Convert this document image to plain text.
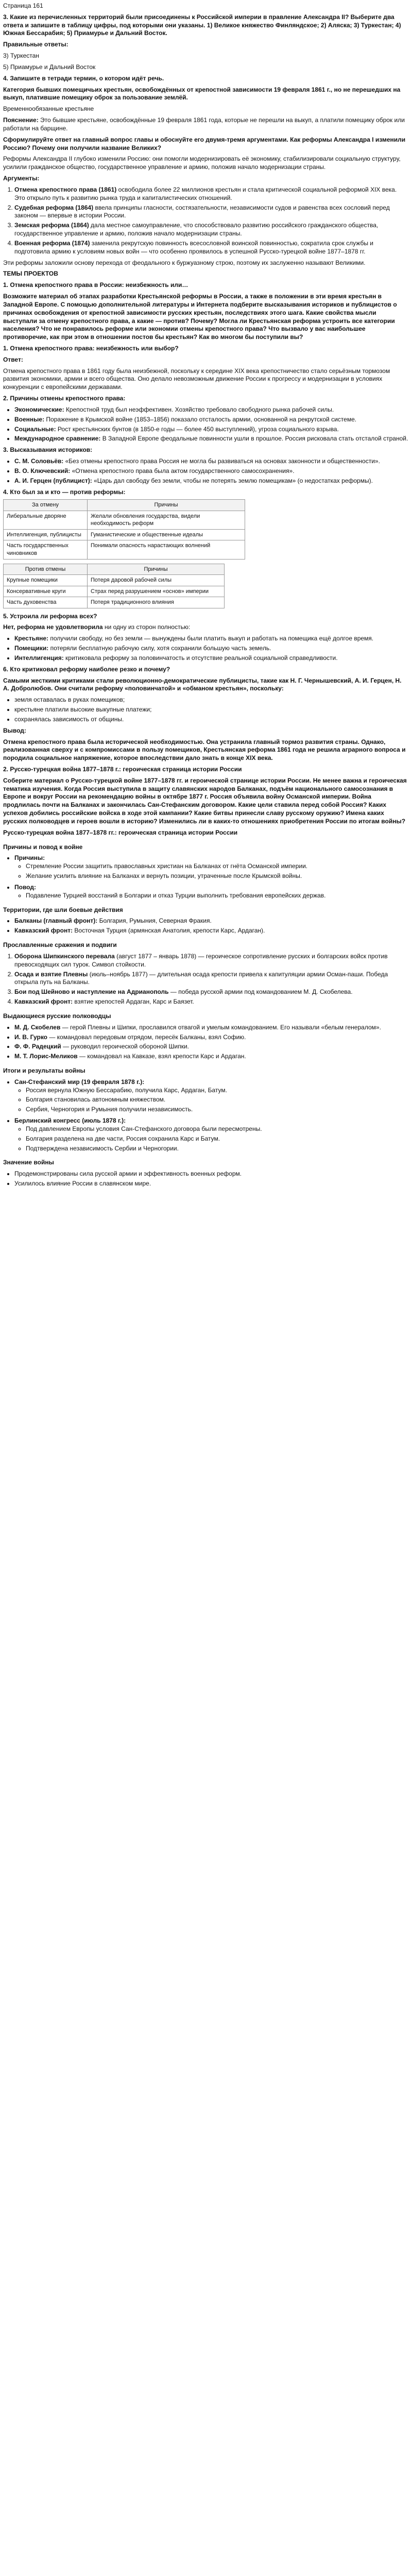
Страница 161

3. Какие из перечисленных территорий были присоединены к Российской империи в правление Александра II? Выберите два ответа и запишите в таблицу цифры, под которыми они указаны. 1) Великое княжество Финляндское; 2) Аляска; 3) Туркестан; 4) Южная Бессарабия; 5) Приамурье и Дальний Восток.

Правильные ответы:

3) Туркестан

5) Приамурье и Дальний Восток

4. Запишите в тетради термин, о котором идёт речь.

Категория бывших помещичьих крестьян, освобождённых от крепостной зависимости 19 февраля 1861 г., но не перешедших на выкуп, платившие помещику оброк за пользование землёй.

Временнообязанные крестьяне

Пояснение: Это бывшие крестьяне, освобождённые 19 февраля 1861 года, которые не перешли на выкуп, а платили помещику оброк или работали на барщине.

Сформулируйте ответ на главный вопрос главы и обоснуйте его двумя-тремя аргументами. Как реформы Александра I изменили Россию? Почему они получили название Великих?

Реформы Александра II глубоко изменили Россию: они помогли модернизировать её экономику, стабилизировали социальную структуру, усилили гражданское общество, государственное управление и армию, положив начало модернизации страны.

Аргументы:

1. Отмена крепостного права (1861) освободила более 22 миллионов крестьян и стала критической социальной реформой XIX века. Это открыло путь к развитию рынка труда и капиталистических отношений.
2. Судебная реформа (1864) ввела принципы гласности, состязательности, независимости судов и равенства всех сословий перед законом — впервые в истории России.
3. Земская реформа (1864) дала местное самоуправление, что способствовало развитию российского гражданского общества, государственное управление и армию, положив начало модернизации страны.
4. Военная реформа (1874) заменила рекрутскую повинность всесословной воинской повинностью, сократила срок службы и подготовила армию к условиям новых войн — что особенно проявилось в успешной Русско-турецкой войне 1877–1878 гг.

Эти реформы заложили основу перехода от феодального к буржуазному строю, поэтому их заслуженно называют Великими.

ТЕМЫ ПРОЕКТОВ

1. Отмена крепостного права в России: неизбежность или…

Возможите материал об этапах разработки Крестьянской реформы в России, а также в положении в эти время крестьян в Западной Европе. С помощью дополнительной литературы и Интернета подберите высказывания историков и публицистов о причинах освобождения от крепостной зависимости русских крестьян, последствиях этого шага. Какие свойства мысли выступали за отмену крепостного права, а какие — против? Почему? Могла ли Крестьянская реформа устроить все категории населения? Что не понравилось реформе или экономии отмены крепостного права? Что вызвало у вас наибольшее противоречие, как при этом в отношении постов бы крестьян? Как во многом бы поступили вы?

1. Отмена крепостного права: неизбежность или выбор?

Ответ:

Отмена крепостного права в 1861 году была неизбежной, поскольку к середине XIX века крепостничество стало серьёзным тормозом развития экономики, армии и всего общества. Оно делало невозможным движение России к прогрессу и модернизации в условиях конкуренции с европейскими державами.

2. Причины отмены крепостного права:

• Экономические: Крепостной труд был неэффективен. Хозяйство требовало свободного рынка рабочей силы.
• Военные: Поражение в Крымской войне (1853–1856) показало отсталость армии, основанной на рекрутской системе.
• Социальные: Рост крестьянских бунтов (в 1850-е годы — более 450 выступлений), угроза социального взрыва.
• Международное сравнение: В Западной Европе феодальные повинности ушли в прошлое. Россия рисковала стать отсталой страной.

3. Высказывания историков:

• С. М. Соловьёв: «Без отмены крепостного права Россия не могла бы развиваться на основах законности и общественности».
• В. О. Ключевский: «Отмена крепостного права была актом государственного самосохранения».
• А. И. Герцен (публицист): «Царь дал свободу без земли, чтобы не потерять землю помещикам» (о недостатках реформы).

4. Кто был за и кто — против реформы:

За отмену	Причины
Либеральные дворяне	Желали обновления государства, видели необходимость реформ
Интеллигенция, публицисты	Гуманистические и общественные идеалы
Часть государственных чиновников	Понимали опасность нарастающих волнений
Против отмены	Причины
Крупные помещики	Потеря даровой рабочей силы
Консервативные круги	Страх перед разрушением «основ» империи
Часть духовенства	Потеря традиционного влияния

5. Устроила ли реформа всех?

Нет, реформа не удовлетворила ни одну из сторон полностью:

• Крестьяне: получили свободу, но без земли — вынуждены были платить выкуп и работать на помещика ещё долгое время.
• Помещики: потеряли бесплатную рабочую силу, хотя сохранили большую часть земель.
• Интеллигенция: критиковала реформу за половинчатость и отсутствие реальной социальной справедливости.

6. Кто критиковал реформу наиболее резко и почему?

Самыми жесткими критиками стали революционно-демократические публицисты, такие как Н. Г. Чернышевский, А. И. Герцен, Н. А. Добролюбов. Они считали реформу «половинчатой» и «обманом крестьян», поскольку:

• земля оставалась в руках помещиков;
• крестьяне платили высокие выкупные платежи;
• сохранялась зависимость от общины.

Вывод:

Отмена крепостного права была исторической необходимостью. Она устранила главный тормоз развития страны. Однако, реализованная сверху и с компромиссами в пользу помещиков, Крестьянская реформа 1861 года не решила аграрного вопроса и породила социальное напряжение, которое впоследствии дало знать в конце XIX века.

2. Русско-турецкая война 1877–1878 г.: героическая страница истории России

Соберите материал о Русско-турецкой войне 1877–1878 гг. и героической странице истории России. Не менее важна и героическая тематика изучения. Когда Россия выступила в защиту славянских народов Балканах, подъём национального самосознания в Европе и вокруг России на рекомендацию войны в октябре 1877 г. Россия объявила войну Османской империи. Война продлилась почти на Балканах и закончилась Сан-Стефанским договором. Какие цели ставила перед собой Россия? Каких успехов добились российские войска в ходе этой кампании? Какие битвы принесли славу русскому оружию? Имена каких русских полководцев и героев вошли в историю? Изменились ли в каких-то отношениях приобретения России по итогам войны?

Русско-турецкая война 1877–1878 гг.: героическая страница истории России

Причины и повод к войне

• Причины:
◦ Стремление России защитить православных христиан на Балканах от гнёта Османской империи.
◦ Желание усилить влияние на Балканах и вернуть позиции, утраченные после Крымской войны.
• Повод:
◦ Подавление Турцией восстаний в Болгарии и отказ Турции выполнить требования европейских держав.

Территории, где шли боевые действия

• Балканы (главный фронт): Болгария, Румыния, Северная Фракия.
• Кавказский фронт: Восточная Турция (армянская Анатолия, крепости Карс, Ардаган).

Прославленные сражения и подвиги

1. Оборона Шипкинского перевала (август 1877 – январь 1878) — героическое сопротивление русских и болгарских войск против превосходящих сил турок. Символ стойкости.
2. Осада и взятие Плевны (июль–ноябрь 1877) — длительная осада крепости привела к капитуляции армии Осман-паши. Победа открыла путь на Балканы.
3. Бои под Шейново и наступление на Адрианополь — победа русской армии под командованием М. Д. Скобелева.
4. Кавказский фронт: взятие крепостей Ардаган, Карс и Баязет.

Выдающиеся русские полководцы

• М. Д. Скобелев — герой Плевны и Шипки, прославился отвагой и умелым командованием. Его называли «белым генералом».
• И. В. Гурко — командовал передовым отрядом, пересёк Балканы, взял Софию.
• Ф. Ф. Радецкий — руководил героической обороной Шипки.
• М. Т. Лорис-Меликов — командовал на Кавказе, взял крепости Карс и Ардаган.

Итоги и результаты войны

• Сан-Стефанский мир (19 февраля 1878 г.):
◦ Россия вернула Южную Бессарабию, получила Карс, Ардаган, Батум.
◦ Болгария становилась автономным княжеством.
◦ Сербия, Черногория и Румыния получили независимость.
• Берлинский конгресс (июль 1878 г.):
◦ Под давлением Европы условия Сан-Стефанского договора были пересмотрены.
◦ Болгария разделена на две части, Россия сохранила Карс и Батум.
◦ Подтверждена независимость Сербии и Черногории.

Значение войны

• Продемонстрированы сила русской армии и эффективность военных реформ.
• Усилилось влияние России в славянском мире.
